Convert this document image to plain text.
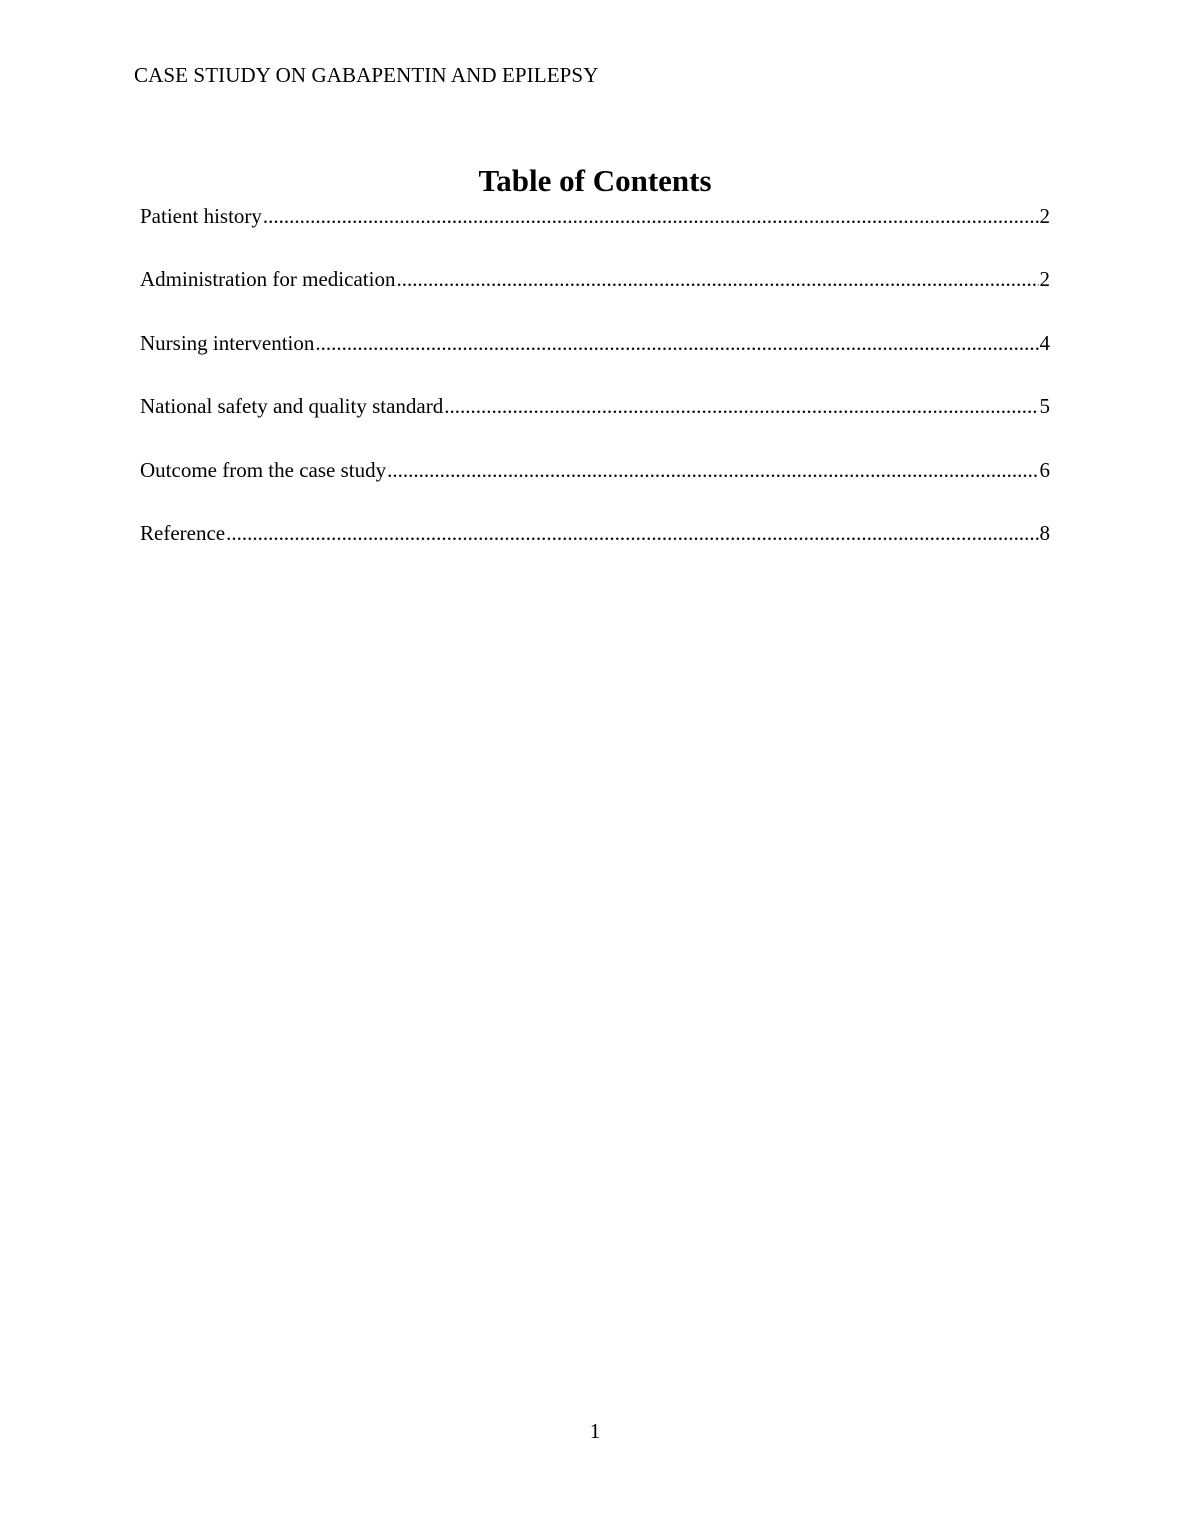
CASE STIUDY ON GABAPENTIN AND EPILEPSY
Table of Contents
Patient history .....	2
Administration for medication .....	2
Nursing intervention .....	4
National safety and quality standard .....	5
Outcome from the case study .....	6
Reference .....	8
1
